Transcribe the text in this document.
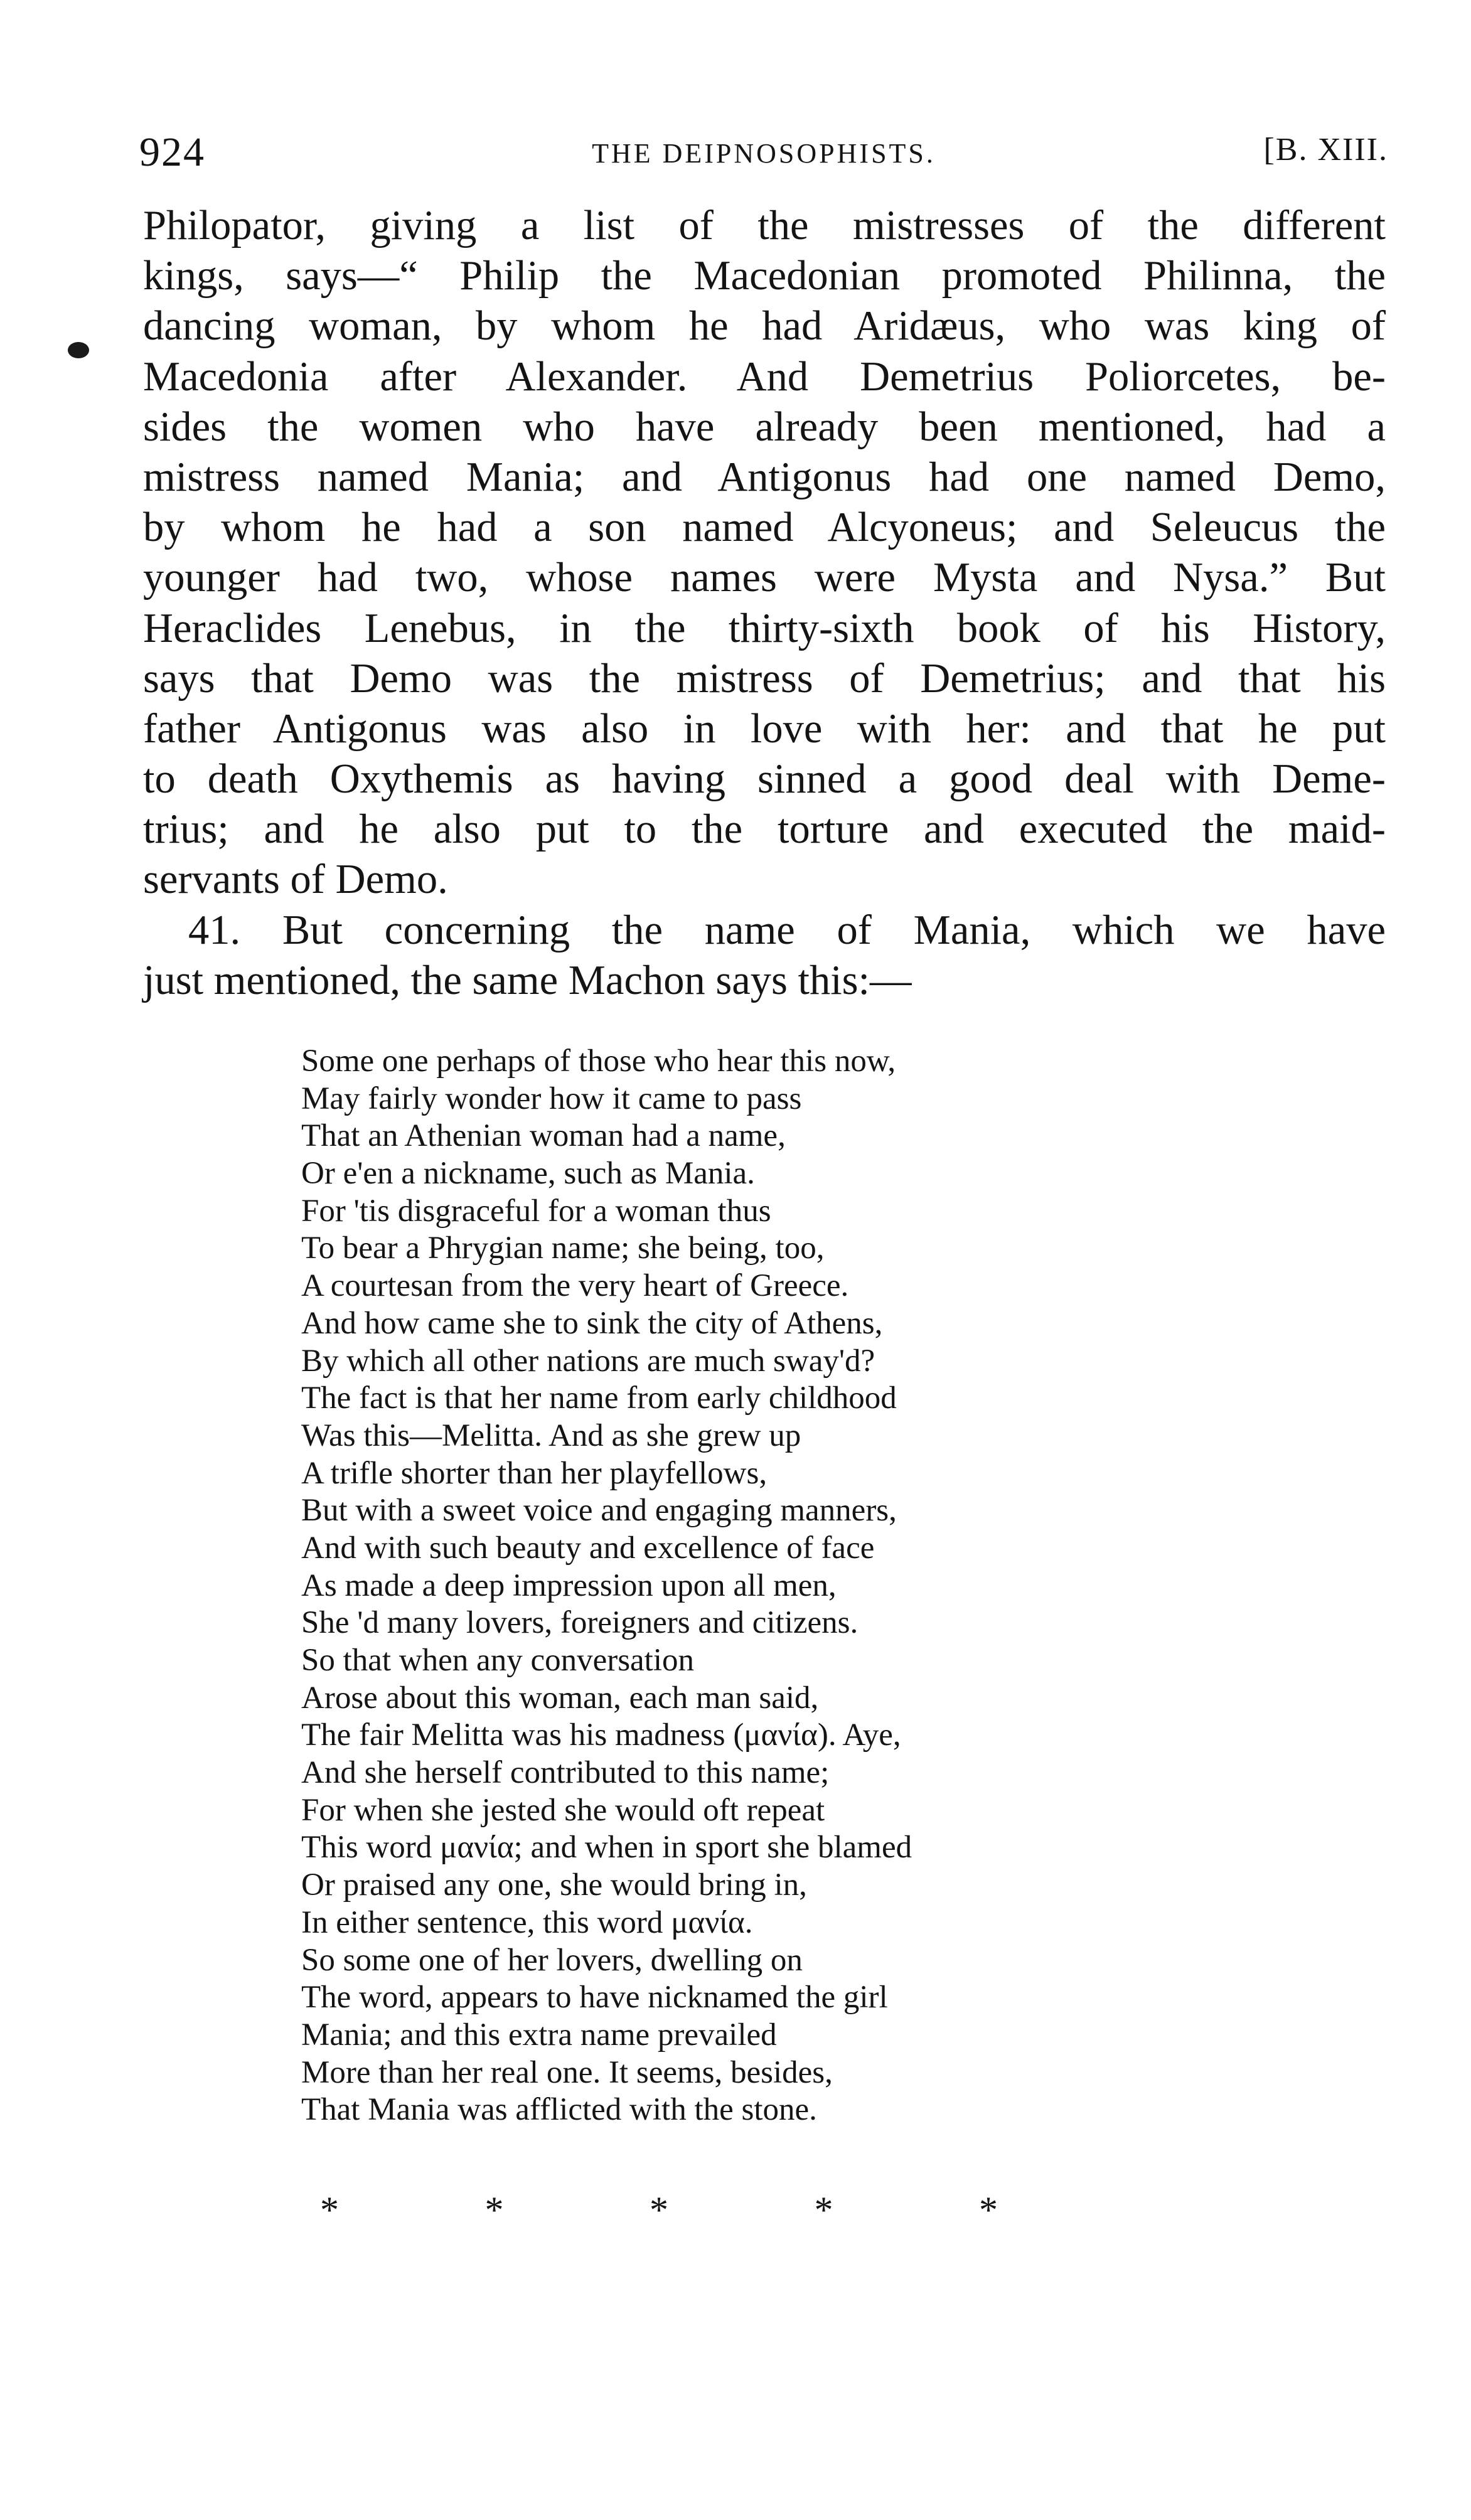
924	THE DEIPNOSOPHISTS.	[B. XIII.
Philopator, giving a list of the mistresses of the different
kings, says—“ Philip the Macedonian promoted Philinna, the
dancing woman, by whom he had Aridæus, who was king of
Macedonia after Alexander. And Demetrius Poliorcetes, be-
sides the women who have already been mentioned, had a
mistress named Mania; and Antigonus had one named Demo,
by whom he had a son named Alcyoneus; and Seleucus the
younger had two, whose names were Mysta and Nysa.” But
Heraclides Lenebus, in the thirty-sixth book of his History,
says that Demo was the mistress of Demetrius; and that his
father Antigonus was also in love with her: and that he put
to death Oxythemis as having sinned a good deal with Deme-
trius; and he also put to the torture and executed the maid-
servants of Demo.
41. But concerning the name of Mania, which we have
just mentioned, the same Machon says this:—
Some one perhaps of those who hear this now,
May fairly wonder how it came to pass
That an Athenian woman had a name,
Or e'en a nickname, such as Mania.
For 'tis disgraceful for a woman thus
To bear a Phrygian name; she being, too,
A courtesan from the very heart of Greece.
And how came she to sink the city of Athens,
By which all other nations are much sway'd?
The fact is that her name from early childhood
Was this—Melitta. And as she grew up
A trifle shorter than her playfellows,
But with a sweet voice and engaging manners,
And with such beauty and excellence of face
As made a deep impression upon all men,
She 'd many lovers, foreigners and citizens.
So that when any conversation
Arose about this woman, each man said,
The fair Melitta was his madness (μανία). Aye,
And she herself contributed to this name;
For when she jested she would oft repeat
This word μανία; and when in sport she blamed
Or praised any one, she would bring in,
In either sentence, this word μανία.
So some one of her lovers, dwelling on
The word, appears to have nicknamed the girl
Mania; and this extra name prevailed
More than her real one. It seems, besides,
That Mania was afflicted with the stone.
*	*	*	*	*
